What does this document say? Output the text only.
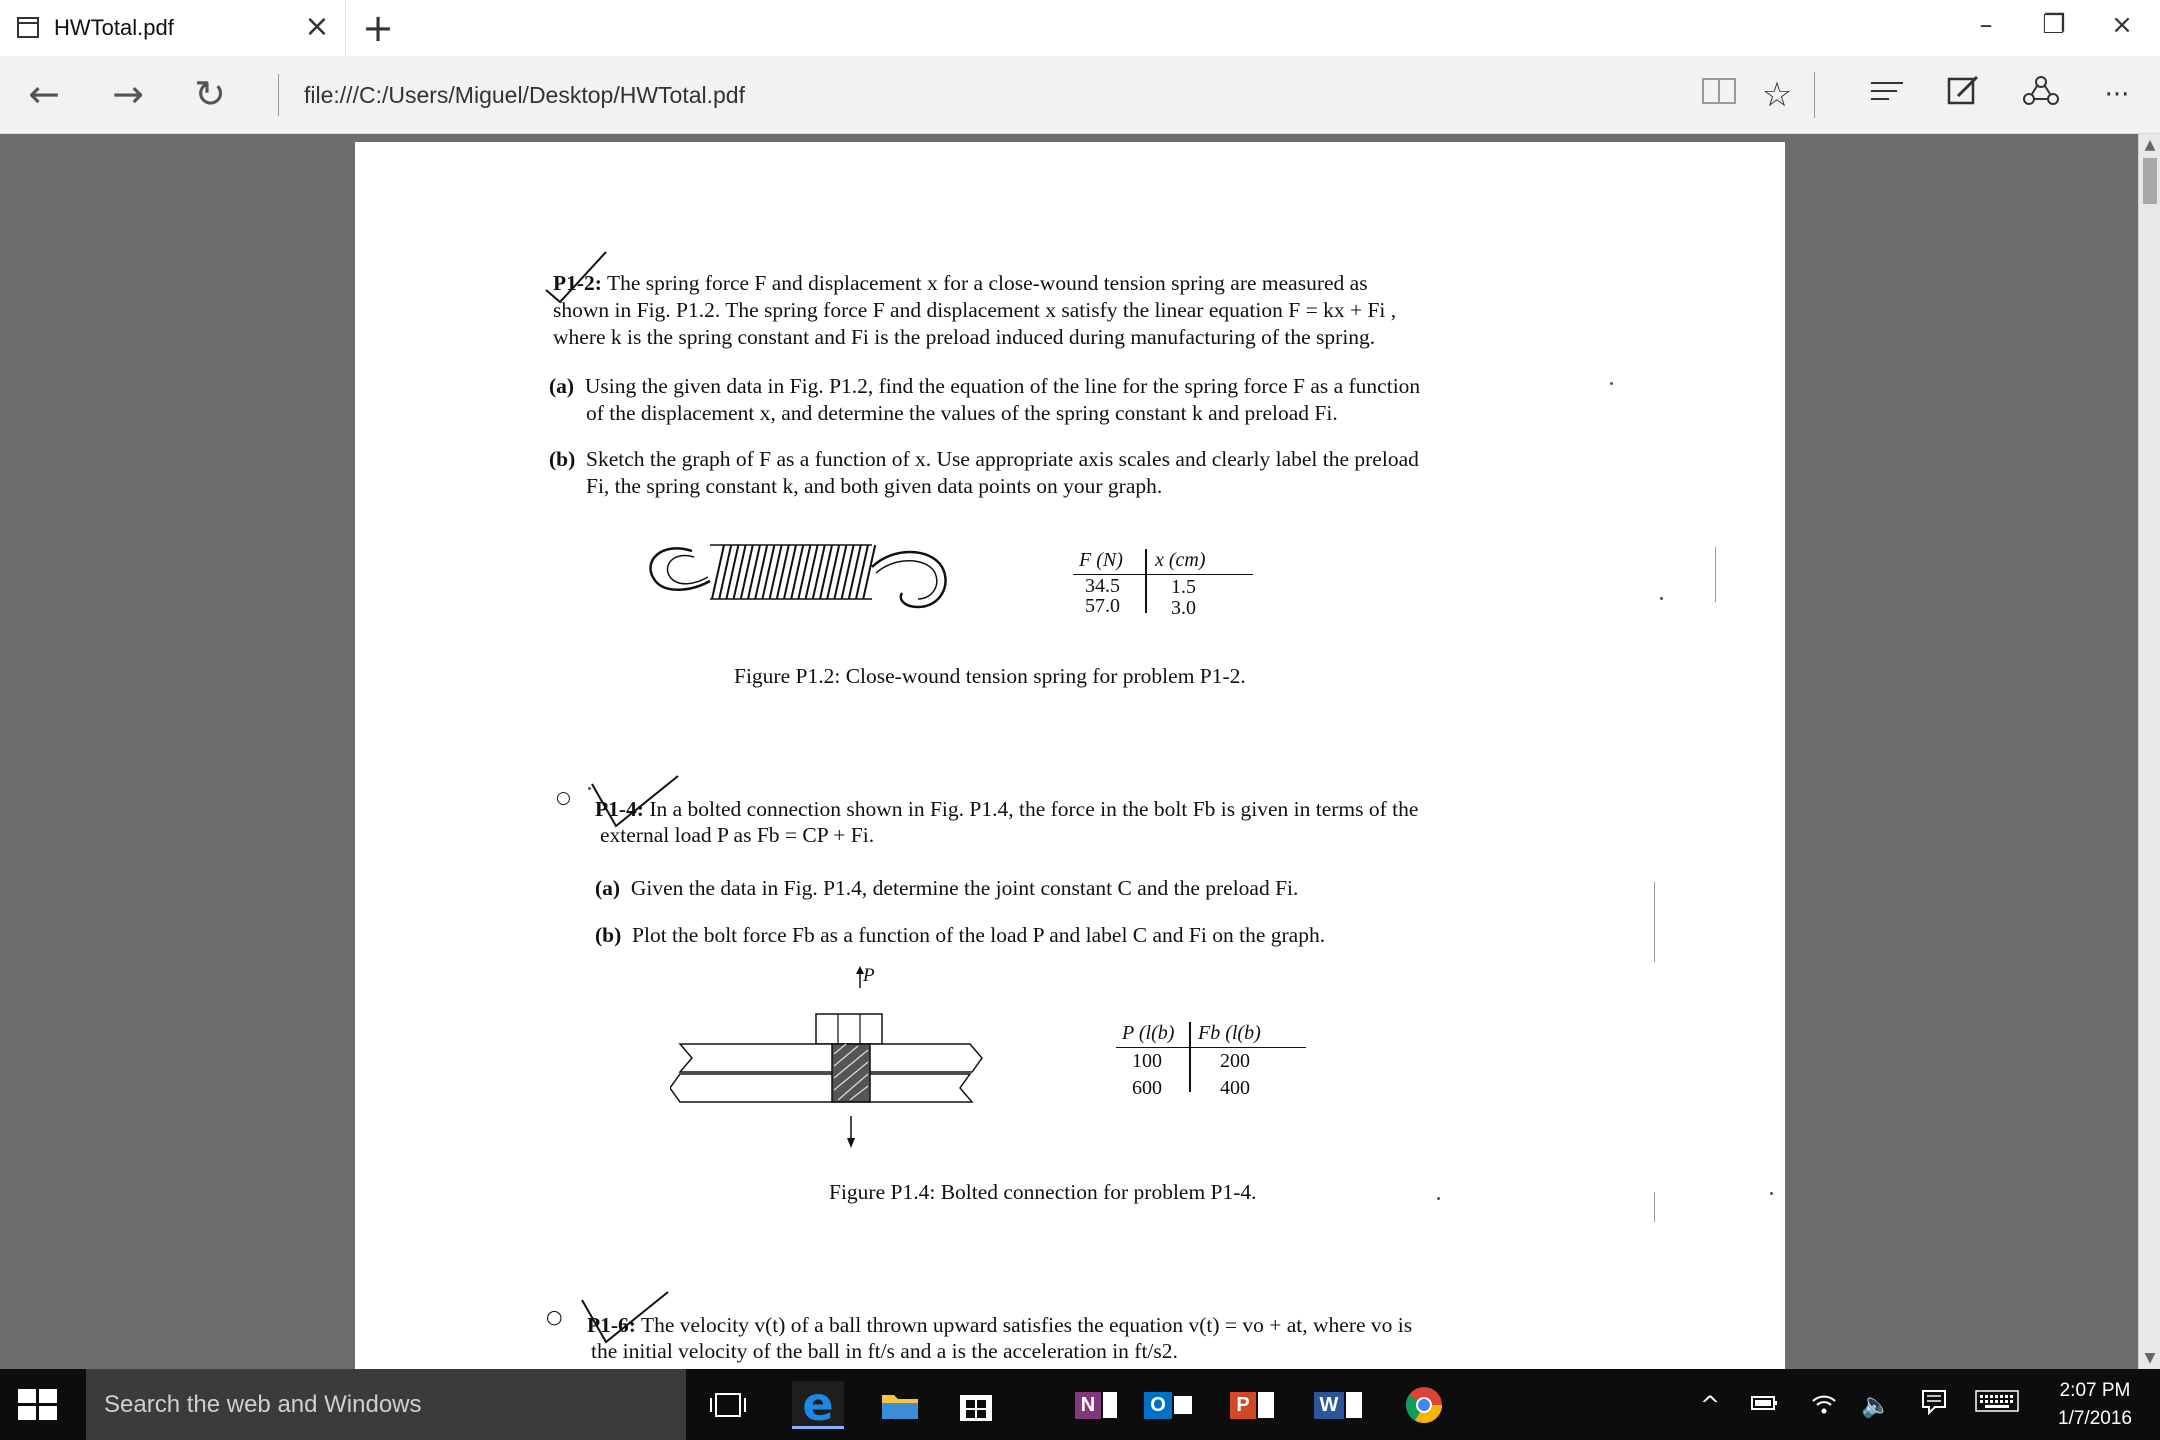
HWTotal.pdf	× +	–	❐	×
← → ↻	file:///C:/Users/Miguel/Desktop/HWTotal.pdf	☆	···
P1-2: The spring force F and displacement x for a close-wound tension spring are measured as
shown in Fig. P1.2. The spring force F and displacement x satisfy the linear equation F = kx + Fi ,
where k is the spring constant and Fi is the preload induced during manufacturing of the spring.
(a) Using the given data in Fig. P1.2, find the equation of the line for the spring force F as a function
of the displacement x, and determine the values of the spring constant k and preload Fi.
(b) Sketch the graph of F as a function of x. Use appropriate axis scales and clearly label the preload
Fi, the spring constant k, and both given data points on your graph.
F (N) x (cm)
34.5	1.5
57.0	3.0
Figure P1.2: Close-wound tension spring for problem P1-2.
○ P1-4: In a bolted connection shown in Fig. P1.4, the force in the bolt Fb is given in terms of the
external load P as Fb = CP + Fi.
(a) Given the data in Fig. P1.4, determine the joint constant C and the preload Fi.
(b) Plot the bolt force Fb as a function of the load P and label C and Fi on the graph.
P
P (l(b) Fb (l(b)
100	200
600	400
Figure P1.4: Bolted connection for problem P1-4.
○ P1-6: The velocity v(t) of a ball thrown upward satisfies the equation v(t) = vo + at, where vo is
the initial velocity of the ball in ft/s and a is the acceleration in ft/s2.
▲
▼
Search the web and Windows	e	N	O	P	W	^	🔈
2:07 PM
1/7/2016
